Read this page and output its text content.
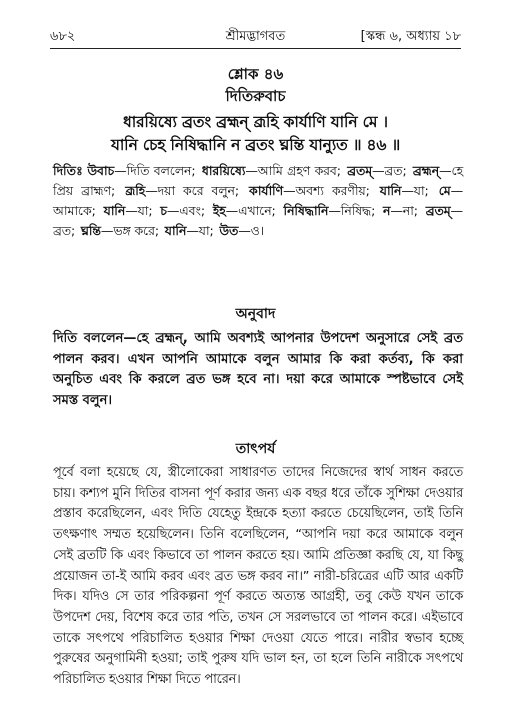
৬৮২	শ্রীমদ্ভাগবত	[স্কন্ধ ৬, অধ্যায় ১৮
শ্লোক ৪৬
দিতিরুবাচ
ধারয়িষ্যে ব্রতং ব্রহ্মন্ ব্রূহি কার্যাণি যানি মে ।
যানি চেহ নিষিদ্ধানি ন ব্রতং ঘ্নন্তি যান্যুত ॥ ৪৬ ॥

দিতিঃ উবাচ—দিতি বললেন; ধারয়িষ্যে—আমি গ্রহণ করব; ব্রতম্—ব্রত; ব্রহ্মন্—হে প্রিয় ব্রাহ্মণ; ব্রূহি—দয়া করে বলুন; কার্যাণি—অবশ্য করণীয়; যানি—যা; মে—আমাকে; যানি—যা; চ—এবং; ইহ—এখানে; নিষিদ্ধানি—নিষিদ্ধ; ন—না; ব্রতম্—ব্রত; ঘ্নন্তি—ভঙ্গ করে; যানি—যা; উত—ও।

অনুবাদ

দিতি বললেন—হে ব্রহ্মন্, আমি অবশ্যই আপনার উপদেশ অনুসারে সেই ব্রত পালন করব। এখন আপনি আমাকে বলুন আমার কি করা কর্তব্য, কি করা অনুচিত এবং কি করলে ব্রত ভঙ্গ হবে না। দয়া করে আমাকে স্পষ্টভাবে সেই সমস্ত বলুন।

তাৎপর্য

পূর্বে বলা হয়েছে যে, স্ত্রীলোকেরা সাধারণত তাদের নিজেদের স্বার্থ সাধন করতে চায়। কশ্যপ মুনি দিতির বাসনা পূর্ণ করার জন্য এক বছর ধরে তাঁকে সুশিক্ষা দেওয়ার প্রস্তাব করেছিলেন, এবং দিতি যেহেতু ইন্দ্রকে হত্যা করতে চেয়েছিলেন, তাই তিনি তৎক্ষণাৎ সম্মত হয়েছিলেন। তিনি বলেছিলেন, “আপনি দয়া করে আমাকে বলুন সেই ব্রতটি কি এবং কিভাবে তা পালন করতে হয়। আমি প্রতিজ্ঞা করছি যে, যা কিছু প্রয়োজন তা-ই আমি করব এবং ব্রত ভঙ্গ করব না।” নারী-চরিত্রের এটি আর একটি দিক। যদিও সে তার পরিকল্পনা পূর্ণ করতে অত্যন্ত আগ্রহী, তবু কেউ যখন তাকে উপদেশ দেয়, বিশেষ করে তার পতি, তখন সে সরলভাবে তা পালন করে। এইভাবে তাকে সৎপথে পরিচালিত হওয়ার শিক্ষা দেওয়া যেতে পারে। নারীর স্বভাব হচ্ছে পুরুষের অনুগামিনী হওয়া; তাই পুরুষ যদি ভাল হন, তা হলে তিনি নারীকে সৎপথে পরিচালিত হওয়ার শিক্ষা দিতে পারেন।
